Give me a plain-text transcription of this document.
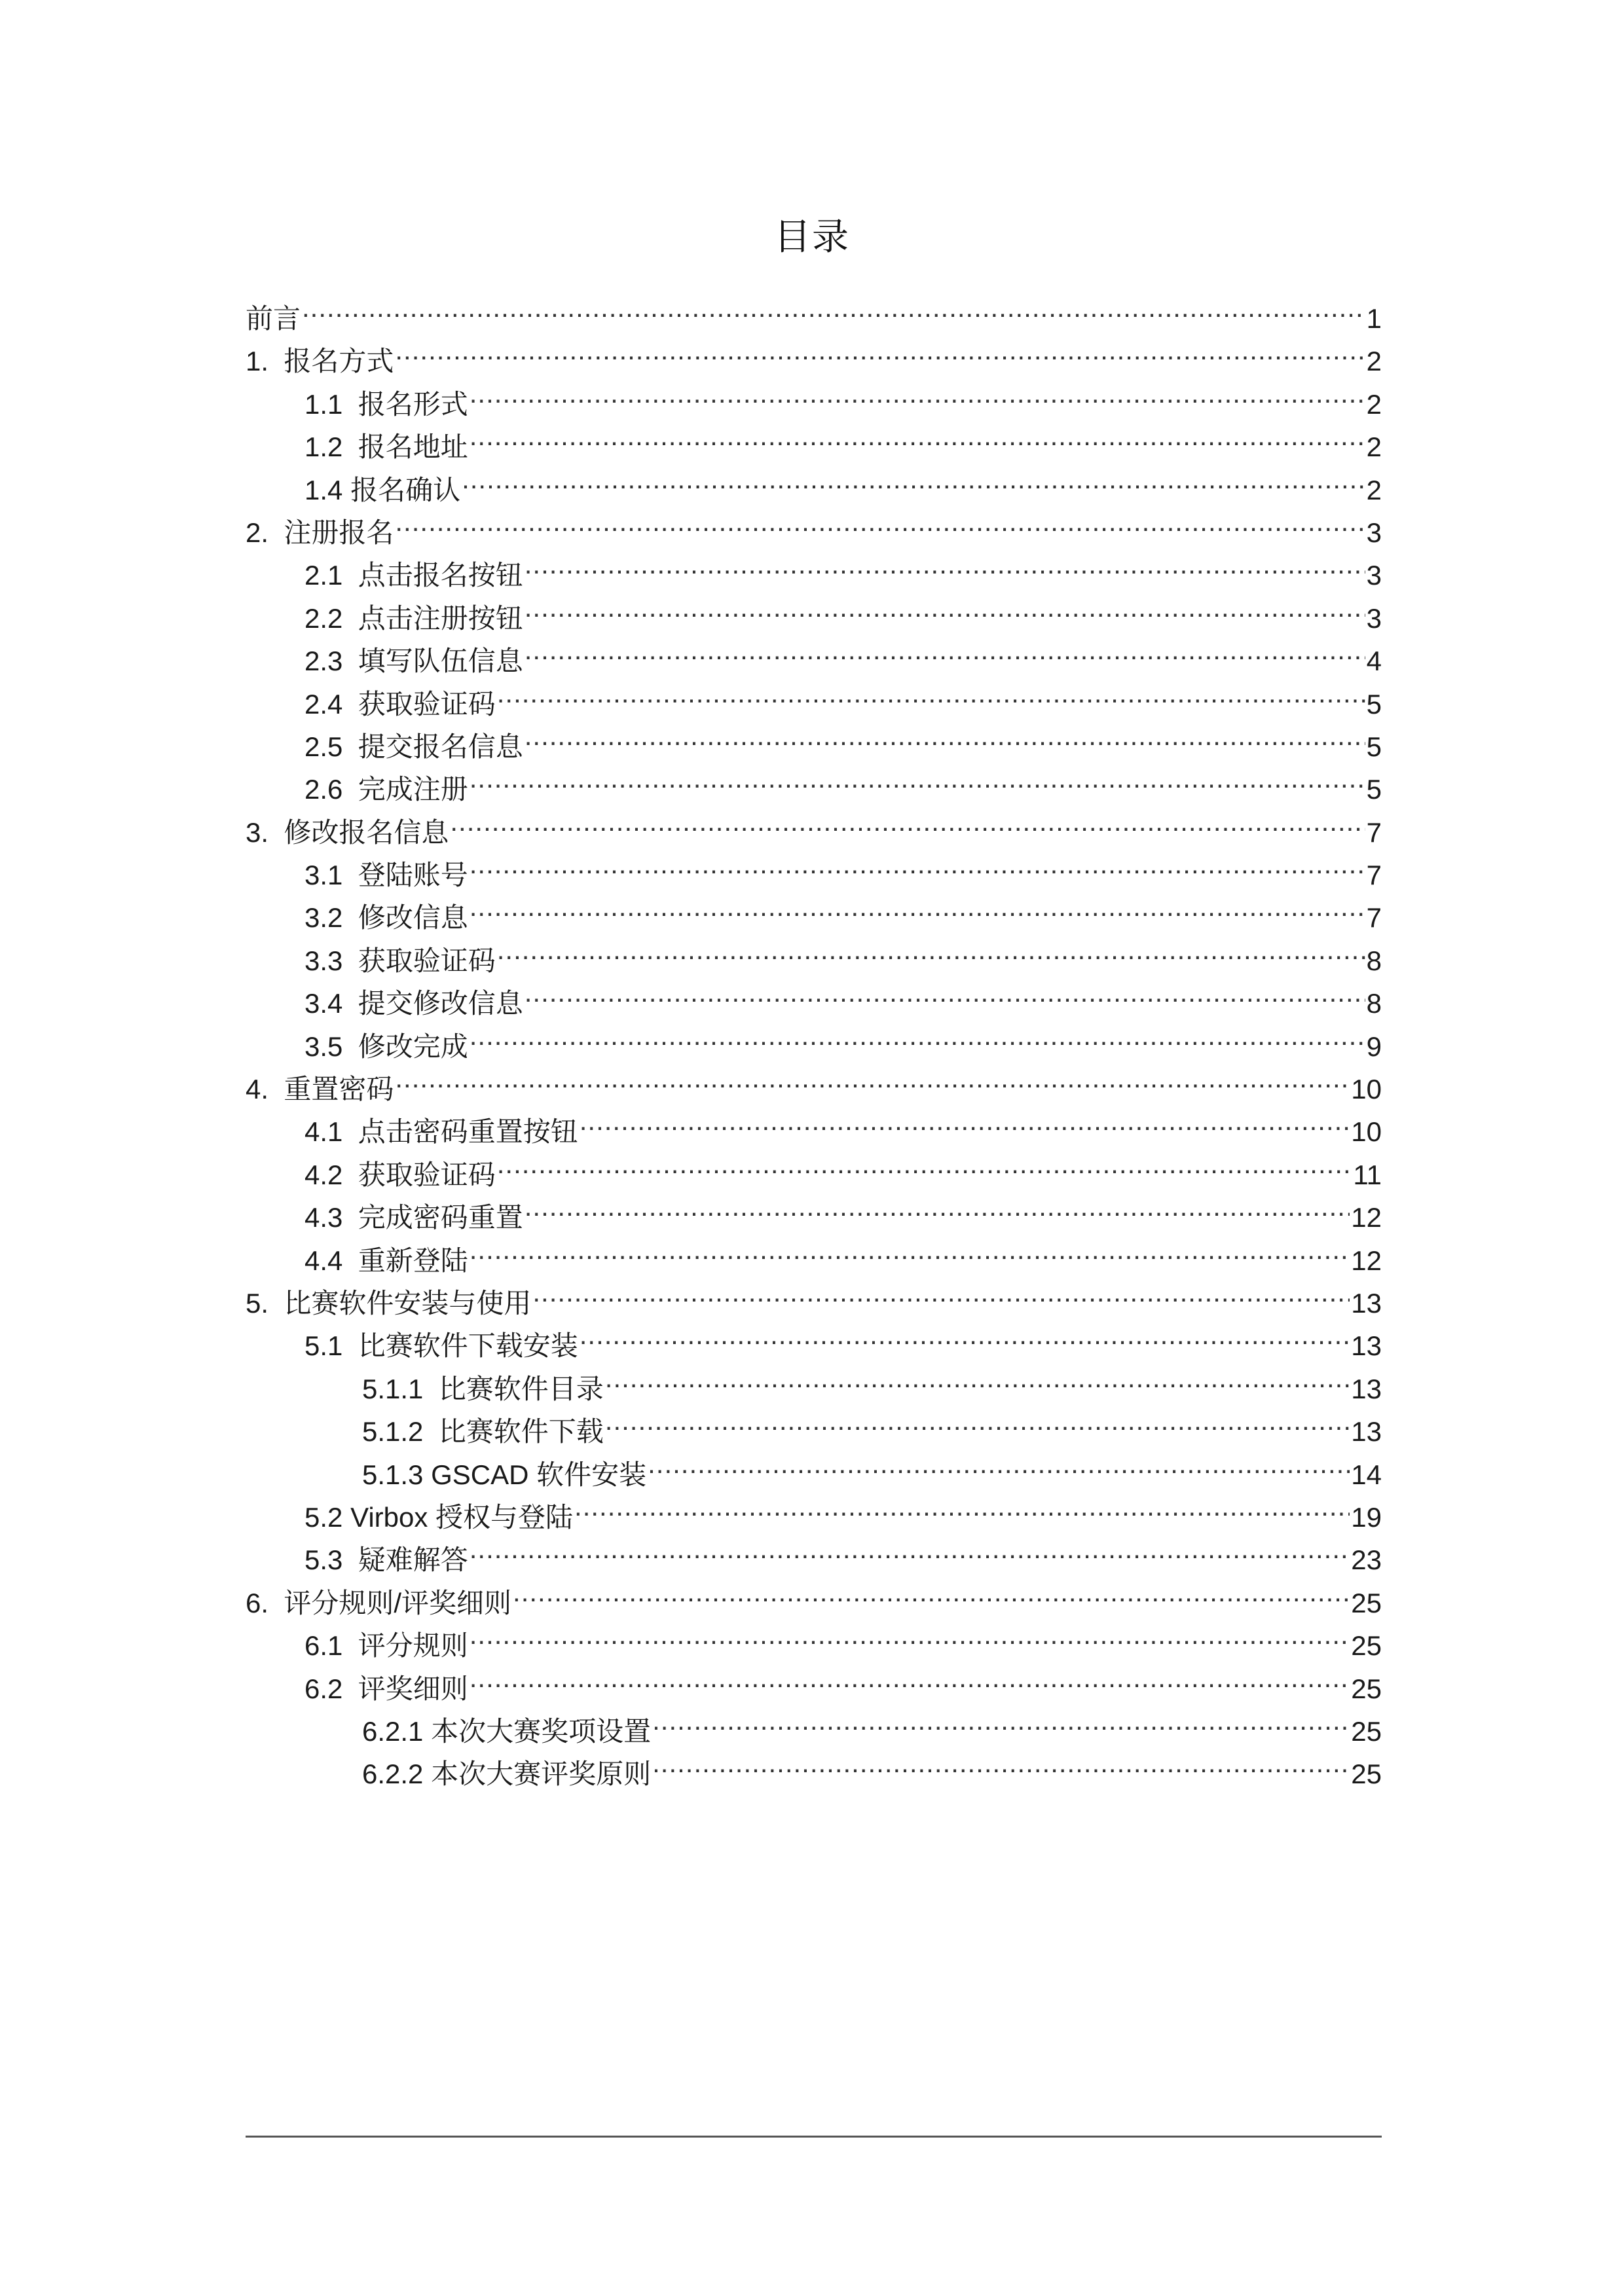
目录
前言 .....	1
1. 报名方式 .....	2
1.1 报名形式 .....	2
1.2 报名地址 .....	2
1.4 报名确认 .....	2
2. 注册报名 .....	3
2.1 点击报名按钮 .....	3
2.2 点击注册按钮 .....	3
2.3 填写队伍信息 .....	4
2.4 获取验证码 .....	5
2.5 提交报名信息 .....	5
2.6 完成注册 .....	5
3. 修改报名信息 .....	7
3.1 登陆账号 .....	7
3.2 修改信息 .....	7
3.3 获取验证码 .....	8
3.4 提交修改信息 .....	8
3.5 修改完成 .....	9
4. 重置密码 .....	10
4.1 点击密码重置按钮 .....	10
4.2 获取验证码 .....	11
4.3 完成密码重置 .....	12
4.4 重新登陆 .....	12
5. 比赛软件安装与使用 .....	13
5.1 比赛软件下载安装 .....	13
5.1.1 比赛软件目录 .....	13
5.1.2 比赛软件下载 .....	13
5.1.3 GSCAD 软件安装 .....	14
5.2 Virbox 授权与登陆 .....	19
5.3 疑难解答 .....	23
6. 评分规则/评奖细则 .....	25
6.1 评分规则 .....	25
6.2 评奖细则 .....	25
6.2.1 本次大赛奖项设置 .....	25
6.2.2 本次大赛评奖原则 .....	25
